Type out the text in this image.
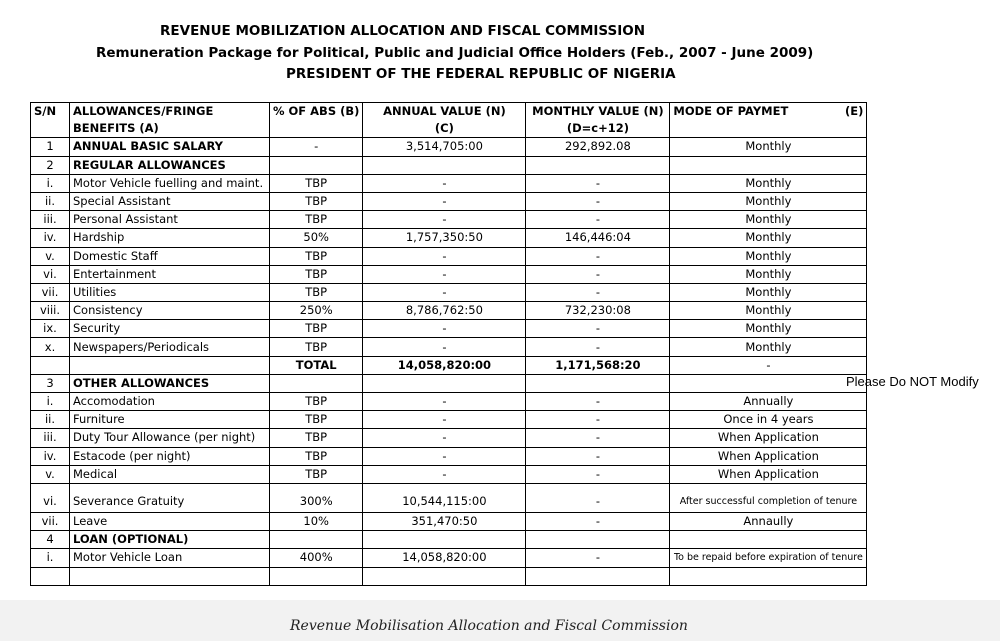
REVENUE MOBILIZATION ALLOCATION AND FISCAL COMMISSION
Remuneration Package for Political, Public and Judicial Office Holders (Feb., 2007 - June 2009)
PRESIDENT OF THE FEDERAL REPUBLIC OF NIGERIA
S/N	ALLOWANCES/FRINGE	% OF ABS (B)	ANNUAL VALUE (N)	MONTHLY VALUE (N)	MODE OF PAYMET (E)

	BENEFITS (A)		(C)	(D=c+12)	
1	ANNUAL BASIC SALARY	-	3,514,705:00	292,892.08	Monthly
2	REGULAR ALLOWANCES				
i.	Motor Vehicle fuelling and maint.	TBP	-	-	Monthly
ii.	Special Assistant	TBP	-	-	Monthly
iii.	Personal Assistant	TBP	-	-	Monthly
iv.	Hardship	50%	1,757,350:50	146,446:04	Monthly
v.	Domestic Staff	TBP	-	-	Monthly
vi.	Entertainment	TBP	-	-	Monthly
vii.	Utilities	TBP	-	-	Monthly
viii.	Consistency	250%	8,786,762:50	732,230:08	Monthly
ix.	Security	TBP	-	-	Monthly
x.	Newspapers/Periodicals	TBP	-	-	Monthly
		TOTAL	14,058,820:00	1,171,568:20	-
3	OTHER ALLOWANCES				
i.	Accomodation	TBP	-	-	Annually
ii.	Furniture	TBP	-	-	Once in 4 years
iii.	Duty Tour Allowance (per night)	TBP	-	-	When Application
iv.	Estacode (per night)	TBP	-	-	When Application
v.	Medical	TBP	-	-	When Application
vi.	Severance Gratuity	300%	10,544,115:00	-	After successful completion of tenure
vii.	Leave	10%	351,470:50	-	Annaully
4	LOAN (OPTIONAL)				
i.	Motor Vehicle Loan	400%	14,058,820:00	-	To be repaid before expiration of tenure

Please Do NOT Modify
Revenue Mobilisation Allocation and Fiscal Commission
